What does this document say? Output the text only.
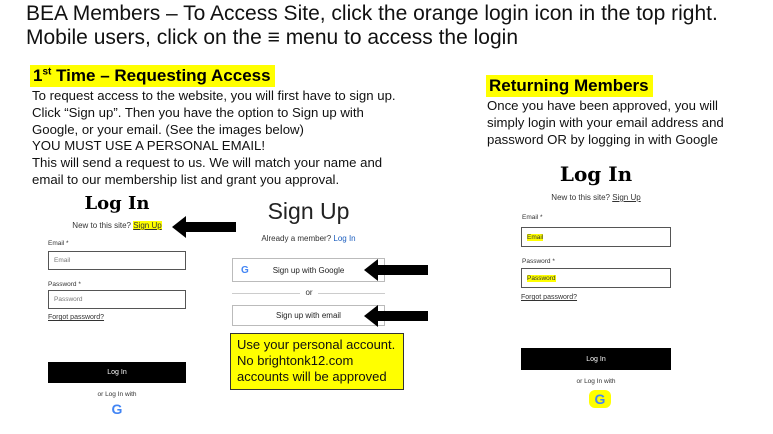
BEA Members – To Access Site, click the orange login icon in the top right.
Mobile users, click on the ≡ menu to access the login
1st Time – Requesting Access
To request access to the website, you will first have to sign up.
Click “Sign up”. Then you have the option to Sign up with
Google, or your email. (See the images below)
YOU MUST USE A PERSONAL EMAIL!
This will send a request to us. We will match your name and
email to our membership list and grant you approval.
Returning Members
Once you have been approved, you will
simply login with your email address and
password OR by logging in with Google
Log In
New to this site? Sign Up
Email *
Email
Password *
Password
Forgot password?
Log In
or Log In with
G
Sign Up
Already a member? Log In
G	Sign up with Google
or
Sign up with email
Use your personal account.
No brightonk12.com
accounts will be approved
Log In
New to this site? Sign Up
Email *
Email
Password *
Password
Forgot password?
Log In
or Log In with
G
